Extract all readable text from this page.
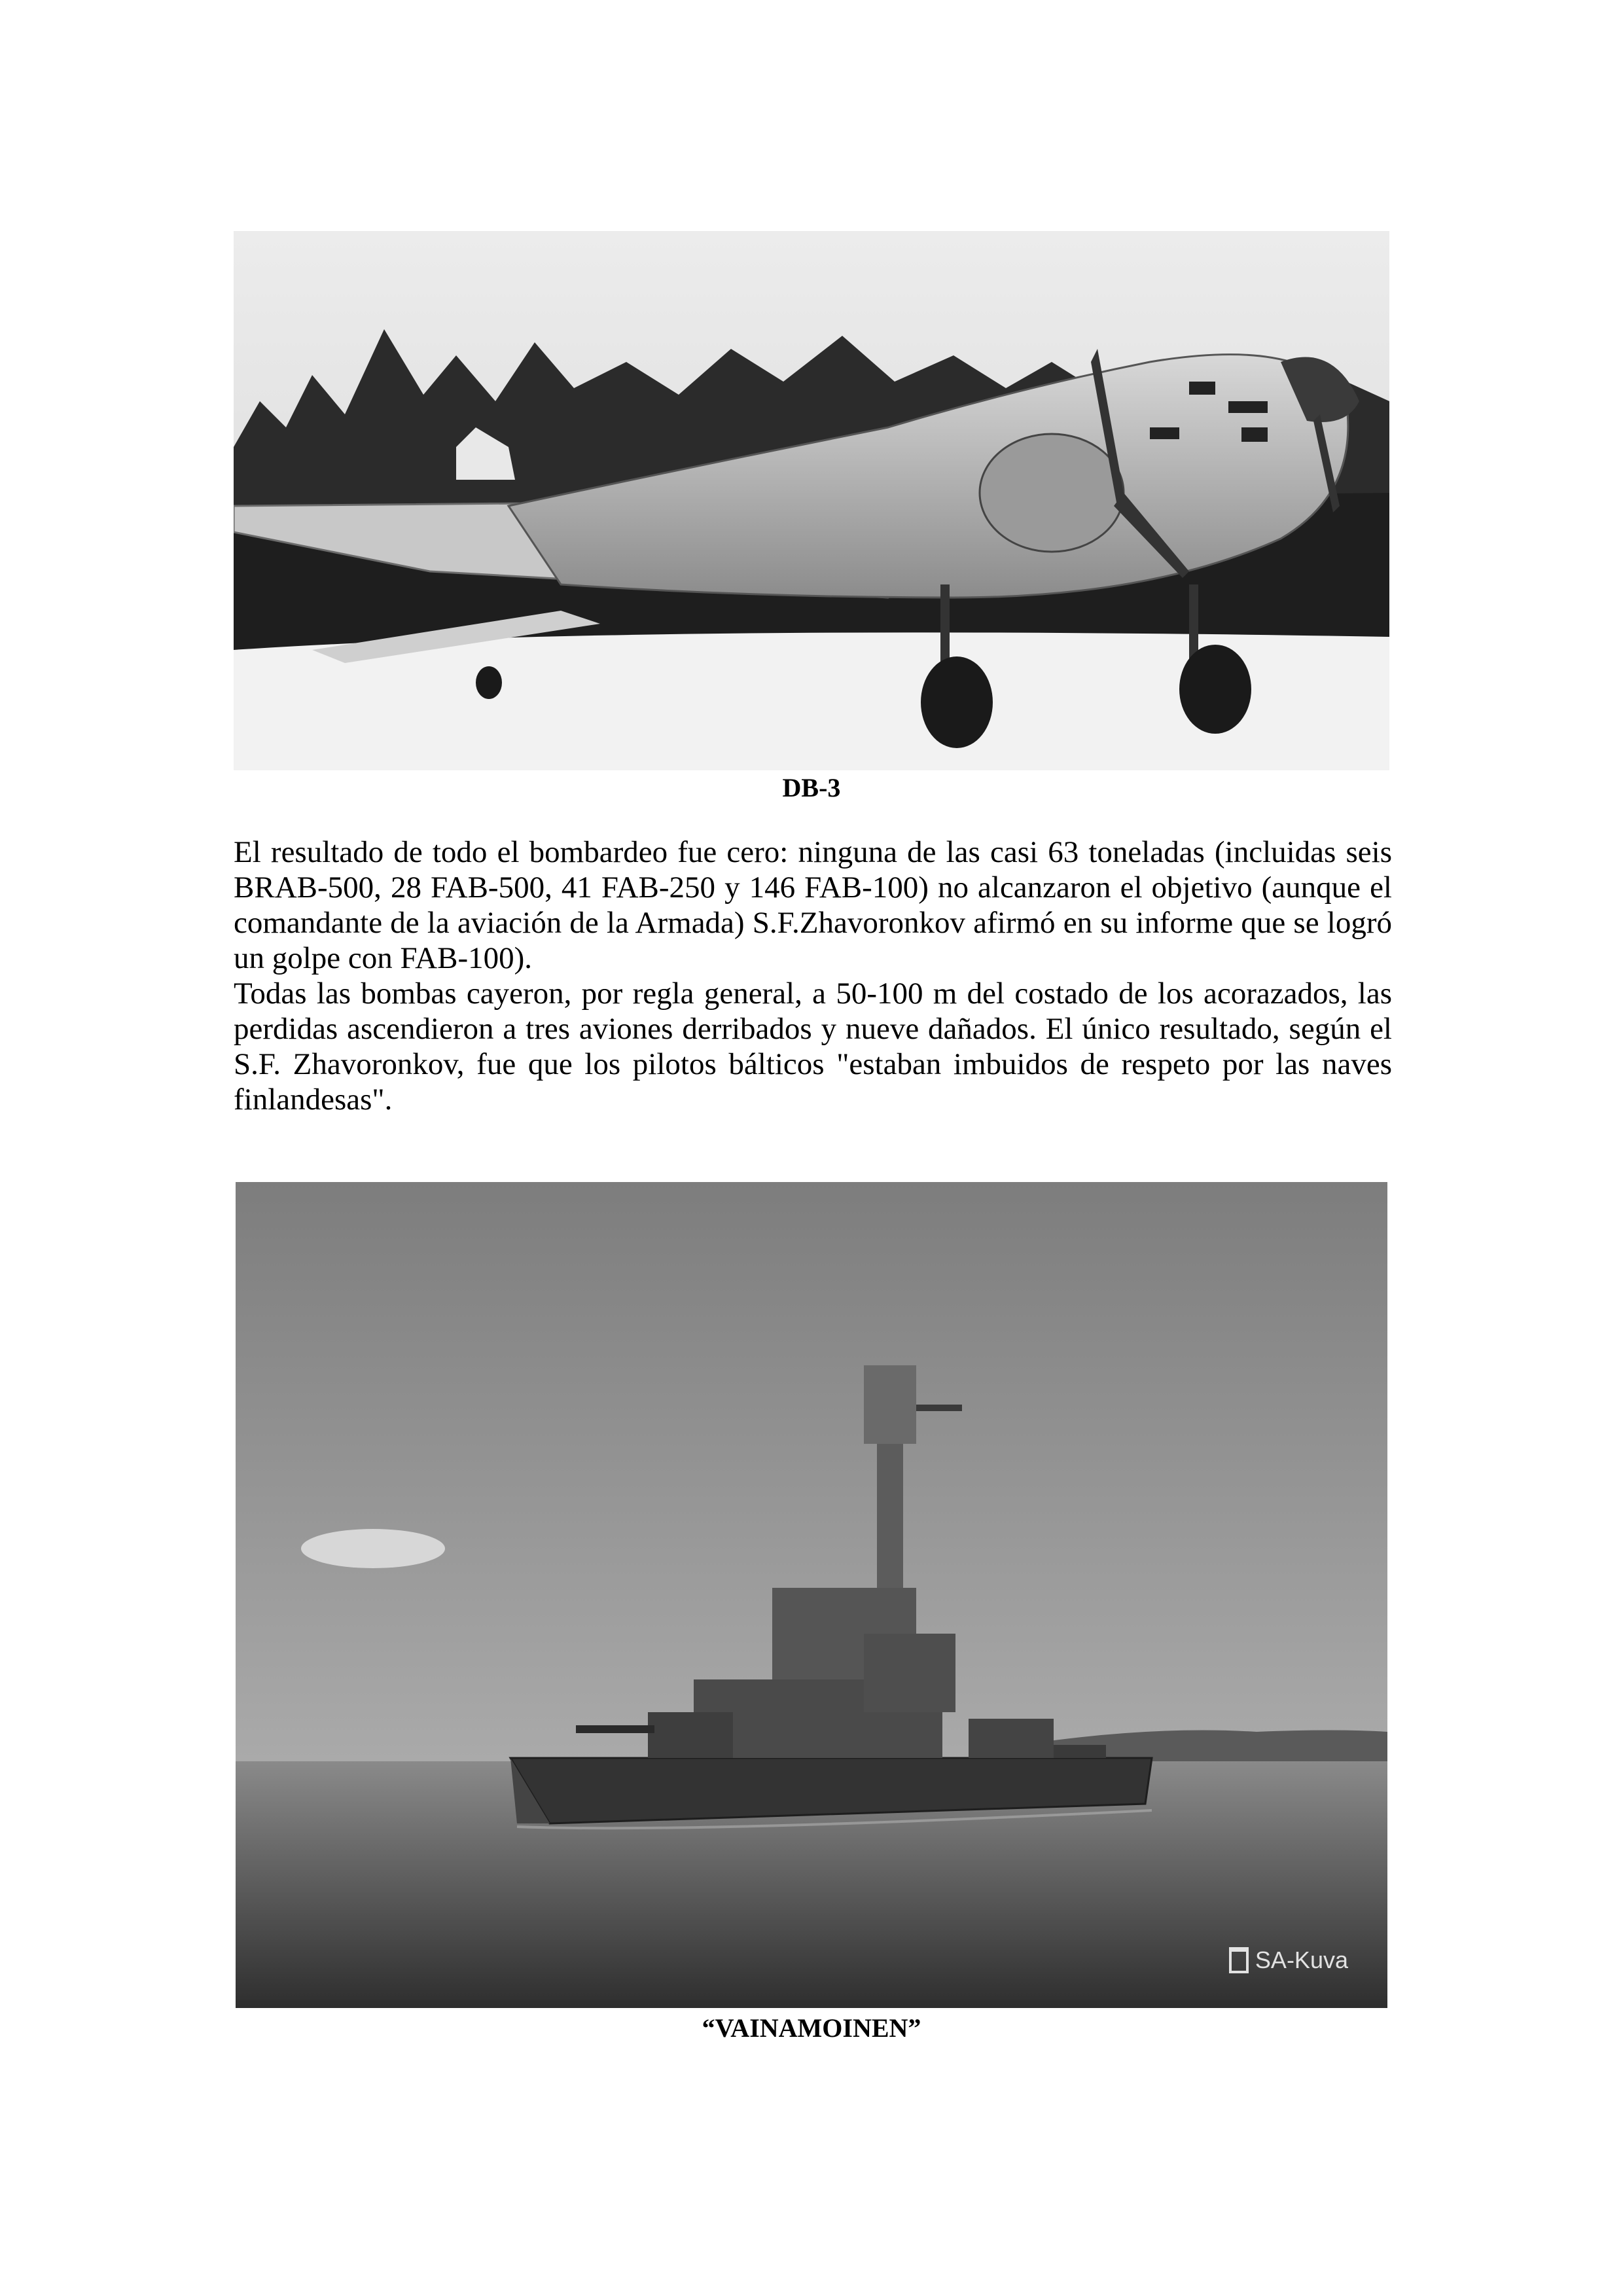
DB-3

El resultado de todo el bombardeo fue cero: ninguna de las casi 63 toneladas (incluidas seis BRAB-500, 28 FAB-500, 41 FAB-250 y 146 FAB-100) no alcanzaron el objetivo (aunque el comandante de la aviación de la Armada) S.F.Zhavoronkov afirmó en su informe que se logró un golpe con FAB-100).

Todas las bombas cayeron, por regla general, a 50-100 m del costado de los acorazados, las perdidas ascendieron a tres aviones derribados y nueve dañados. El único resultado, según el S.F. Zhavoronkov, fue que los pilotos bálticos "estaban imbuidos de respeto por las naves finlandesas".

SA-Kuva
“VAINAMOINEN”
